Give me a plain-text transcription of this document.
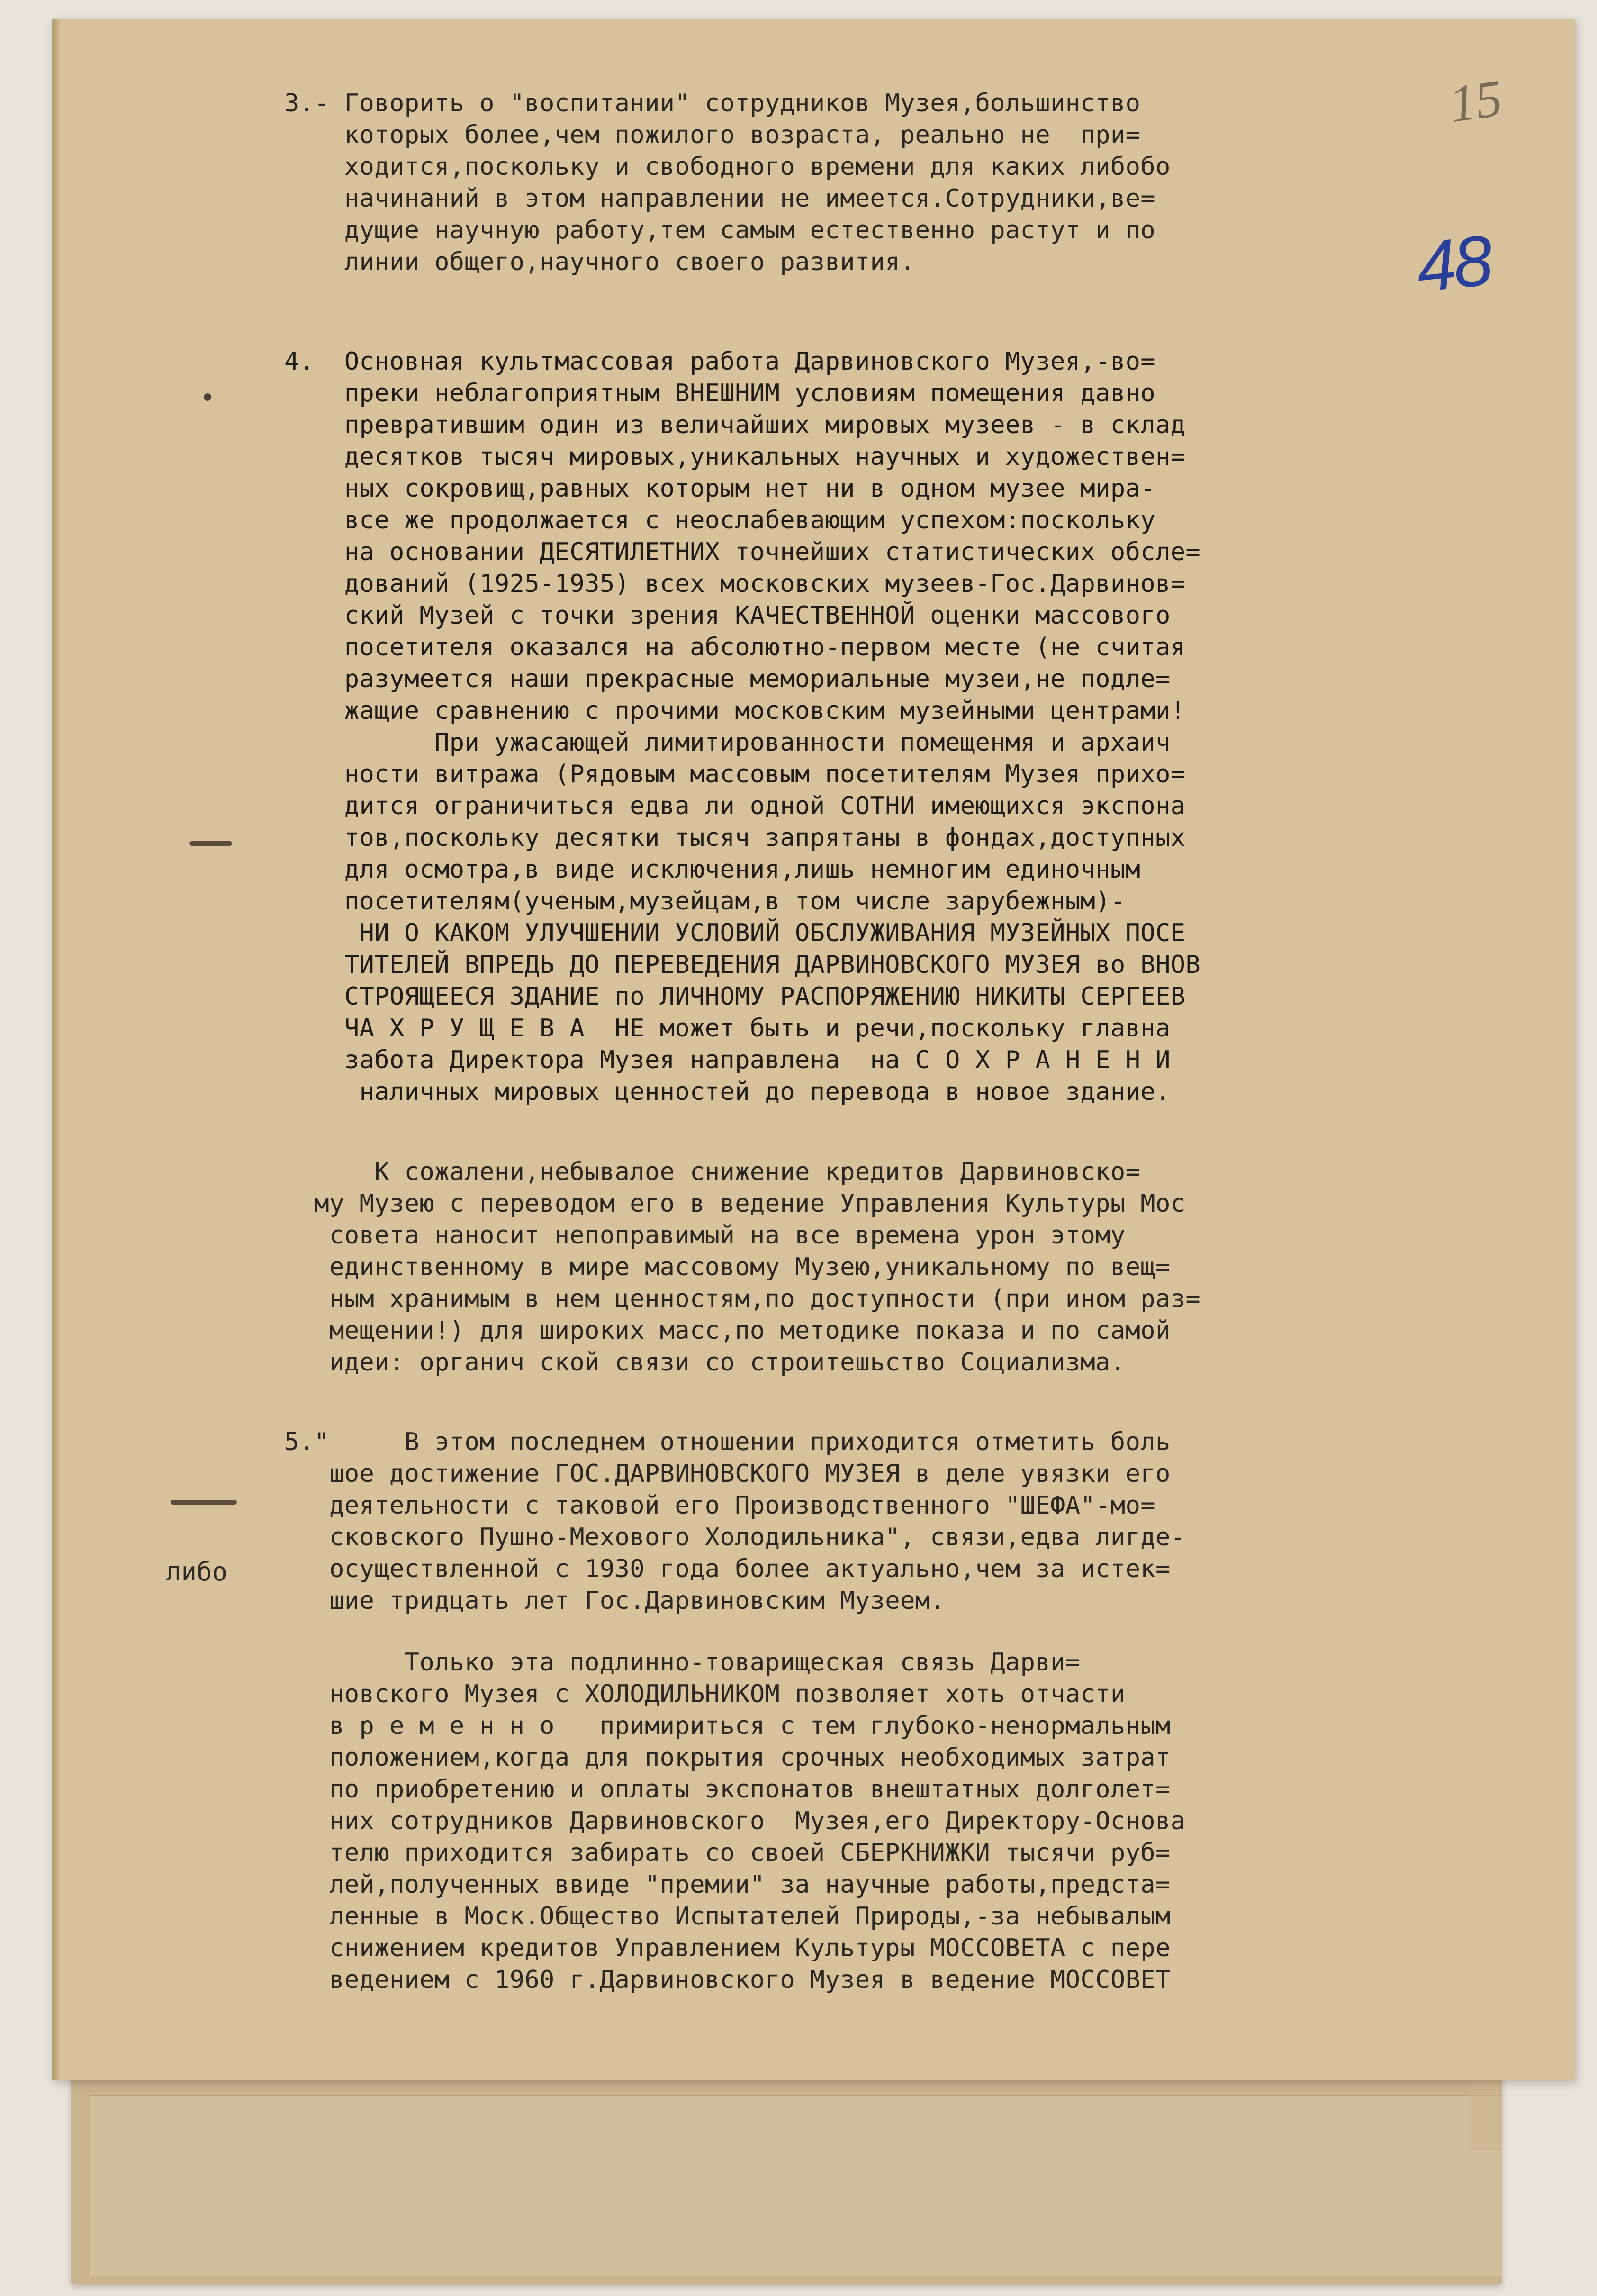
15
48
либо
3.- Говорить о "воспитании" сотрудников Музея,большинство
которых более,чем пожилого возраста, реально не  при=
ходится,поскольку и свободного времени для каких либобо
начинаний в этом направлении не имеется.Сотрудники,ве=
дущие научную работу,тем самым естественно растут и по
линии общего,научного своего развития.
4.  Основная культмассовая работа Дарвиновского Музея,-во=
преки неблагоприятным ВНЕШНИМ условиям помещения давно
превратившим один из величайших мировых музеев - в склад
десятков тысяч мировых,уникальных научных и художествен=
ных сокровищ,равных которым нет ни в одном музее мира-
все же продолжается с неослабевающим успехом:поскольку
на основании ДЕСЯТИЛЕТНИХ точнейших статистических обсле=
дований (1925-1935) всех московских музеев-Гос.Дарвинов=
ский Музей с точки зрения КАЧЕСТВЕННОЙ оценки массового
посетителя оказался на абсолютно-первом месте (не считая
разумеется наши прекрасные мемориальные музеи,не подле=
жащие сравнению с прочими московским музейными центрами!
При ужасающей лимитированности помещенмя и архаич
ности витража (Рядовым массовым посетителям Музея прихо=
дится ограничиться едва ли одной СОТНИ имеющихся экспона
тов,поскольку десятки тысяч запрятаны в фондах,доступных
для осмотра,в виде исключения,лишь немногим единочным
посетителям(ученым,музейцам,в том числе зарубежным)-
НИ О КАКОМ УЛУЧШЕНИИ УСЛОВИЙ ОБСЛУЖИВАНИЯ МУЗЕЙНЫХ ПОСЕ
ТИТЕЛЕЙ ВПРЕДЬ ДО ПЕРЕВЕДЕНИЯ ДАРВИНОВСКОГО МУЗЕЯ во ВНОВ
СТРОЯЩЕЕСЯ ЗДАНИЕ по ЛИЧНОМУ РАСПОРЯЖЕНИЮ НИКИТЫ СЕРГЕЕВ
ЧА Х Р У Щ Е В А  НЕ может быть и речи,поскольку главна
забота Директора Музея направлена  на С О Х Р А Н Е Н И
наличных мировых ценностей до перевода в новое здание.
К сожалени,небывалое снижение кредитов Дарвиновско=
му Музею с переводом его в ведение Управления Культуры Мос
совета наносит непоправимый на все времена урон этому
единственному в мире массовому Музею,уникальному по вещ=
ным хранимым в нем ценностям,по доступности (при ином раз=
мещении!) для широких масс,по методике показа и по самой
идеи: органич ской связи со строитешьство Социализма.
5."     В этом последнем отношении приходится отметить боль
шое достижение ГОС.ДАРВИНОВСКОГО МУЗЕЯ в деле увязки его
деятельности с таковой его Производственного "ШЕФА"-мо=
сковского Пушно-Мехового Холодильника", связи,едва лигде-
осуществленной с 1930 года более актуально,чем за истек=
шие тридцать лет Гос.Дарвиновским Музеем.
Только эта подлинно-товарищеская связь Дарви=
новского Музея с ХОЛОДИЛЬНИКОМ позволяет хоть отчасти
в р е м е н н о   примириться с тем глубоко-ненормальным
положением,когда для покрытия срочных необходимых затрат
по приобретению и оплаты экспонатов внештатных долголет=
них сотрудников Дарвиновского  Музея,его Директору-Основа
телю приходится забирать со своей СБЕРКНИЖКИ тысячи руб=
лей,полученных ввиде "премии" за научные работы,предста=
ленные в Моск.Общество Испытателей Природы,-за небывалым
снижением кредитов Управлением Культуры МОССОВЕТА с пере
ведением с 1960 г.Дарвиновского Музея в ведение МОССОВЕТ
